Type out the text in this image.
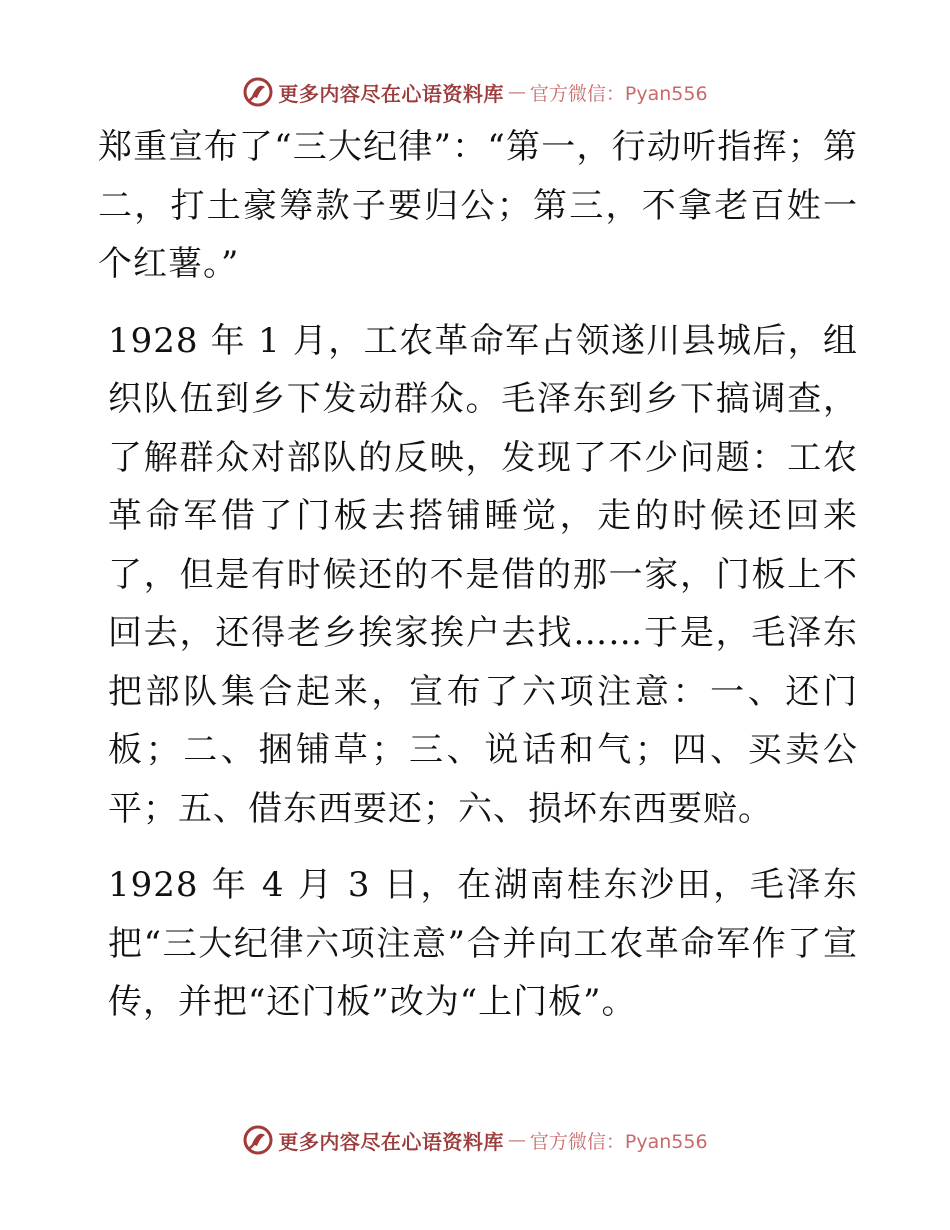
更多内容尽在心语资料库 — 官方微信：Pyan556

郑重宣布了“三大纪律”：“第一，行动听指挥；第二，打土豪筹款子要归公；第三，不拿老百姓一个红薯。”

1928 年 1 月，工农革命军占领遂川县城后，组织队伍到乡下发动群众。毛泽东到乡下搞调查，了解群众对部队的反映，发现了不少问题：工农革命军借了门板去搭铺睡觉，走的时候还回来了，但是有时候还的不是借的那一家，门板上不回去，还得老乡挨家挨户去找……于是，毛泽东把部队集合起来，宣布了六项注意：一、还门板；二、捆铺草；三、说话和气；四、买卖公平；五、借东西要还；六、损坏东西要赔。

1928 年 4 月 3 日，在湖南桂东沙田，毛泽东把“三大纪律六项注意”合并向工农革命军作了宣传，并把“还门板”改为“上门板”。

更多内容尽在心语资料库 — 官方微信：Pyan556
